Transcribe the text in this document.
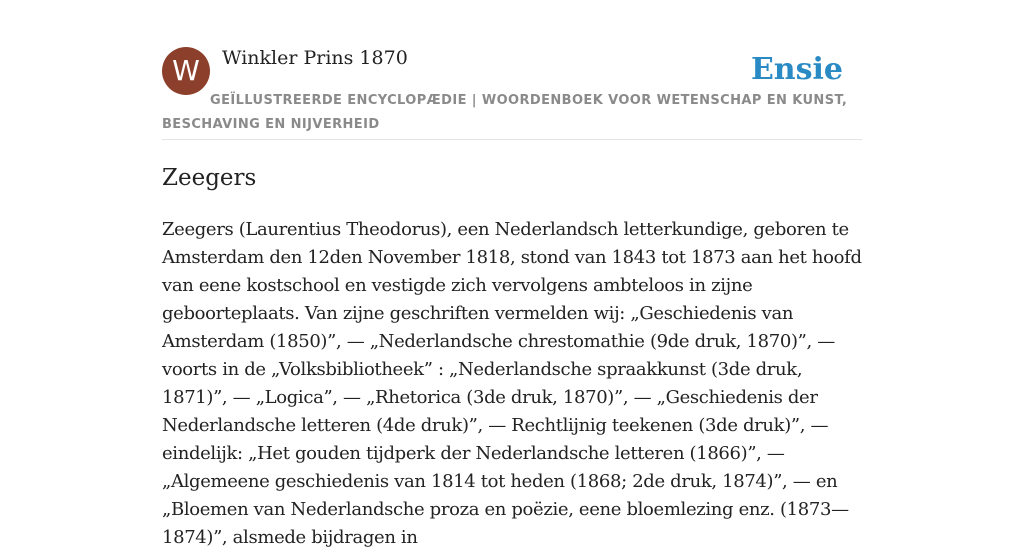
W	Winkler Prins 1870	Ensie
GEÏLLUSTREERDE ENCYCLOPÆDIE | WOORDENBOEK VOOR WETENSCHAP EN KUNST, BESCHAVING EN NIJVERHEID
Zeegers

Zeegers (Laurentius Theodorus), een Nederlandsch letterkundige, geboren te Amsterdam den 12den November 1818, stond van 1843 tot 1873 aan het hoofd van eene kostschool en vestigde zich vervolgens ambteloos in zijne geboorteplaats. Van zijne geschriften vermelden wij: „Geschiedenis van Amsterdam (1850)”, — „Nederlandsche chrestomathie (9de druk, 1870)”, — voorts in de „Volksbibliotheek” : „Nederlandsche spraakkunst (3de druk, 1871)”, — „Logica”, — „Rhetorica (3de druk, 1870)”, — „Geschiedenis der Nederlandsche letteren (4de druk)”, — Rechtlijnig teekenen (3de druk)”, — eindelijk: „Het gouden tijdperk der Nederlandsche letteren (1866)”, — „Algemeene geschiedenis van 1814 tot heden (1868; 2de druk, 1874)”, — en „Bloemen van Nederlandsche proza en poëzie, eene bloemlezing enz. (1873—1874)”, alsmede bijdragen in
